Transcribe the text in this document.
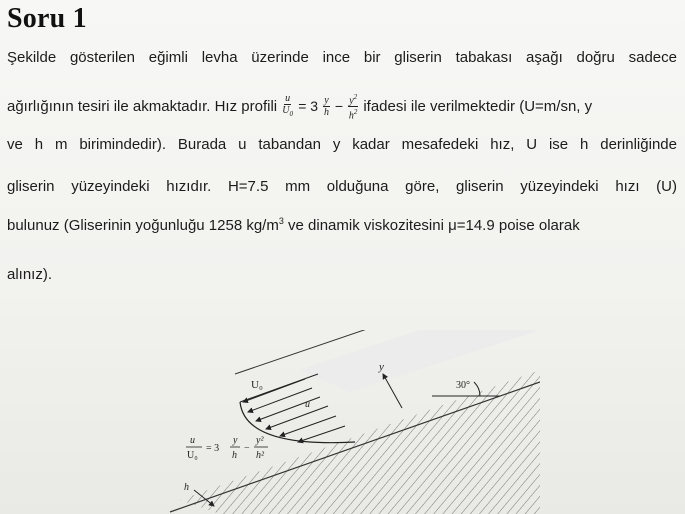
Soru 1
Şekilde gösterilen eğimli levha üzerinde ince bir gliserin tabakası aşağı doğru sadece
ağırlığının tesiri ile akmaktadır. Hız profili $\frac{u}{U_0} = 3 \frac{y}{h} - \frac{y^2}{h^2}$ ifadesi ile verilmektedir (U=m/sn, y
ve h m birimindedir). Burada u tabandan y kadar mesafedeki hız, U ise h derinliğinde
gliserin yüzeyindeki hızıdır. H=7.5 mm olduğuna göre, gliserin yüzeyindeki hızı (U)
bulunuz (Gliserinin yoğunluğu 1258 $kg/m^3$ ve dinamik viskozitesini μ=14.9 poise olarak
alınız).
y
U₀
u
30°
h
u
U₀
= 3
y
h
−
y²
h²
